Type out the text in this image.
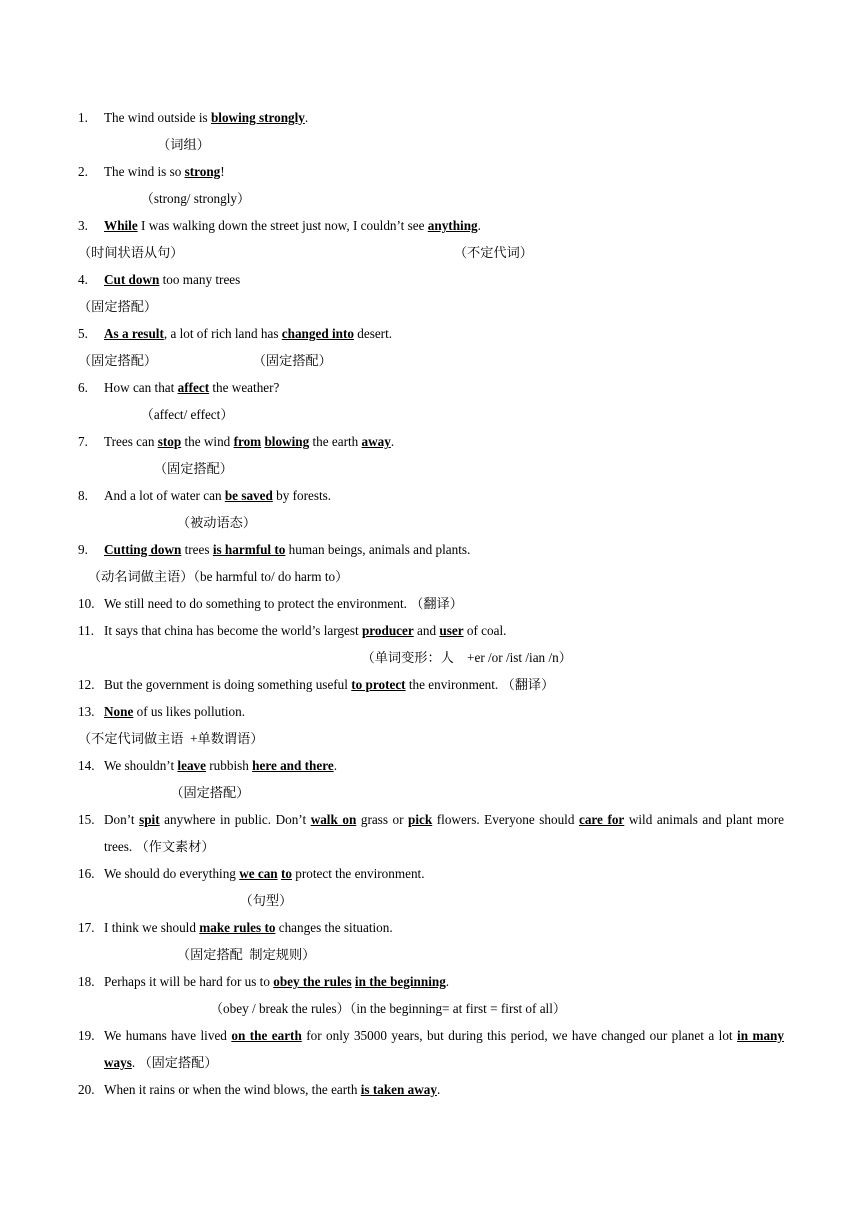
1.	The wind outside is blowing strongly.
（词组）
2.	The wind is so strong!
（strong/ strongly）
3.	While I was walking down the street just now, I couldn’t see anything.
（时间状语从句）                                                                                  （不定代词）
4.	Cut down too many trees
（固定搭配）
5.	As a result, a lot of rich land has changed into desert.
（固定搭配）                             （固定搭配）
6.	How can that affect the weather?
（affect/ effect）
7.	Trees can stop the wind from blowing the earth away.
（固定搭配）
8.	And a lot of water can be saved by forests.
（被动语态）
9.	Cutting down trees is harmful to human beings, animals and plants.
（动名词做主语）（be harmful to/ do harm to）
10. We still need to do something to protect the environment. （翻译）
11. It says that china has become the world’s largest producer and user of coal.
（单词变形：人    +er /or /ist /ian /n）
12. But the government is doing something useful to protect the environment. （翻译）
13. None of us likes pollution.
（不定代词做主语  +单数谓语）
14. We shouldn’t leave rubbish here and there.
（固定搭配）
15. Don’t spit anywhere in public. Don’t walk on grass or pick flowers. Everyone should care for wild animals and plant more trees. （作文素材）
16. We should do everything we can to protect the environment.
（句型）
17. I think we should make rules to changes the situation.
（固定搭配  制定规则）
18. Perhaps it will be hard for us to obey the rules in the beginning.
（obey / break the rules）（in the beginning= at first = first of all）
19. We humans have lived on the earth for only 35000 years, but during this period, we have changed our planet a lot in many ways. （固定搭配）
20. When it rains or when the wind blows, the earth is taken away.
